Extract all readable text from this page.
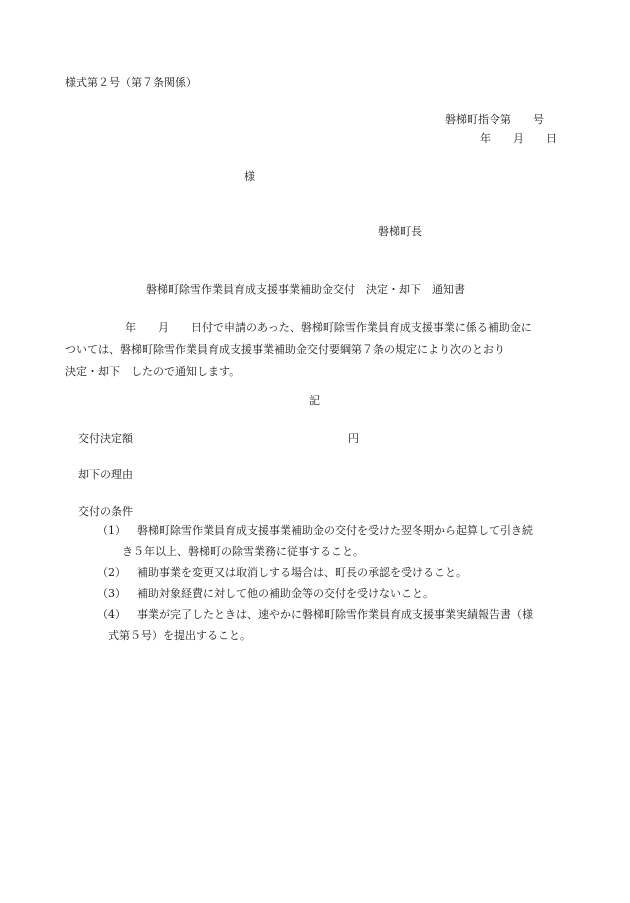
様式第２号（第７条関係）
磐梯町指令第　　号
年　　月　　日
様
磐梯町長
磐梯町除雪作業員育成支援事業補助金交付　決定・却下　通知書

年　　月　　日付で申請のあった、磐梯町除雪作業員育成支援事業に係る補助金に

ついては、磐梯町除雪作業員育成支援事業補助金交付要綱第７条の規定により次のとおり

決定・却下　したので通知します。

記
交付決定額	円
却下の理由
交付の条件
（1） 磐梯町除雪作業員育成支援事業補助金の交付を受けた翌冬期から起算して引き続
き５年以上、磐梯町の除雪業務に従事すること。
（2） 補助事業を変更又は取消しする場合は、町長の承認を受けること。
（3） 補助対象経費に対して他の補助金等の交付を受けないこと。
（4） 事業が完了したときは、速やかに磐梯町除雪作業員育成支援事業実績報告書（様
式第５号）を提出すること。
